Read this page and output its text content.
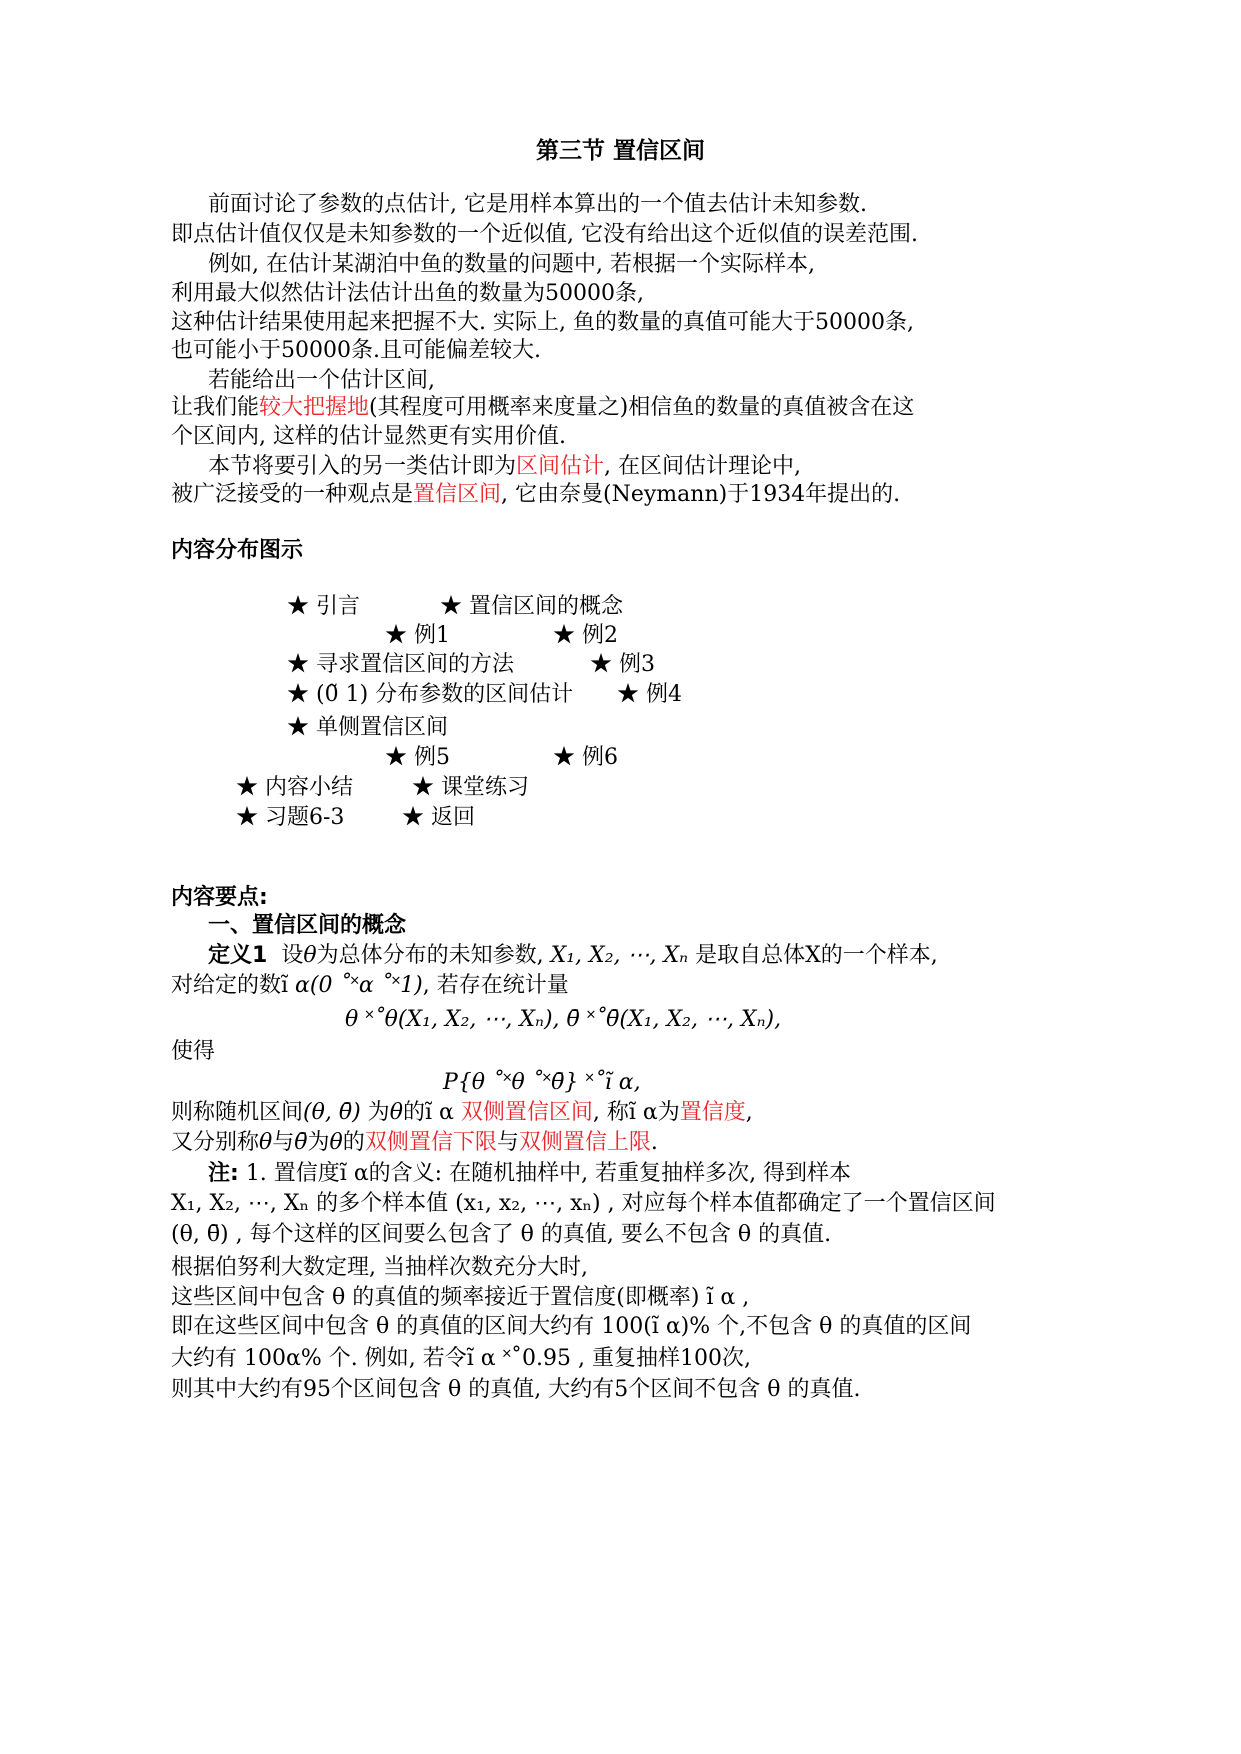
第三节 置信区间
前面讨论了参数的点估计, 它是用样本算出的一个值去估计未知参数.
即点估计值仅仅是未知参数的一个近似值, 它没有给出这个近似值的误差范围.
例如, 在估计某湖泊中鱼的数量的问题中, 若根据一个实际样本,
利用最大似然估计法估计出鱼的数量为50000条,
这种估计结果使用起来把握不大. 实际上, 鱼的数量的真值可能大于50000条,
也可能小于50000条.且可能偏差较大.
若能给出一个估计区间,
让我们能较大把握地(其程度可用概率来度量之)相信鱼的数量的真值被含在这
个区间内, 这样的估计显然更有实用价值.
本节将要引入的另一类估计即为区间估计, 在区间估计理论中,
被广泛接受的一种观点是置信区间, 它由奈曼(Neymann)于1934年提出的.
内容分布图示
★ 引言	★ 置信区间的概念
★ 例1	★ 例2
★ 寻求置信区间的方法	★ 例3
★ (0̃ 1) 分布参数的区间估计	★ 例4
★ 单侧置信区间
★ 例5	★ 例6
★ 内容小结	★ 课堂练习
★ 习题6-3	★ 返回
内容要点:
一、置信区间的概念
定义1 设θ为总体分布的未知参数, X₁, X₂, ⋯, Xₙ 是取自总体X的一个样本,
对给定的数ĩ α(0 ˚˟α ˚˟1), 若存在统计量
θ ˟˚θ(X₁, X₂, ⋯, Xₙ), θ̄ ˟˚θ̄(X₁, X₂, ⋯, Xₙ),
使得
P{θ ˚˟θ ˚˟θ̄} ˟˚ĩ α,
则称随机区间(θ, θ̄) 为θ的ĩ α 双侧置信区间, 称ĩ α为置信度,
又分别称θ与θ̄为θ的双侧置信下限与双侧置信上限.
注: 1. 置信度ĩ α的含义: 在随机抽样中, 若重复抽样多次, 得到样本
X₁, X₂, ⋯, Xₙ 的多个样本值 (x₁, x₂, ⋯, xₙ) , 对应每个样本值都确定了一个置信区间
(θ, θ̄) , 每个这样的区间要么包含了 θ 的真值, 要么不包含 θ 的真值.
根据伯努利大数定理, 当抽样次数充分大时,
这些区间中包含 θ 的真值的频率接近于置信度(即概率) ĩ α ,
即在这些区间中包含 θ 的真值的区间大约有 100(ĩ α)% 个,不包含 θ 的真值的区间
大约有 100α% 个. 例如, 若令ĩ α ˟˚0.95 , 重复抽样100次,
则其中大约有95个区间包含 θ 的真值, 大约有5个区间不包含 θ 的真值.
